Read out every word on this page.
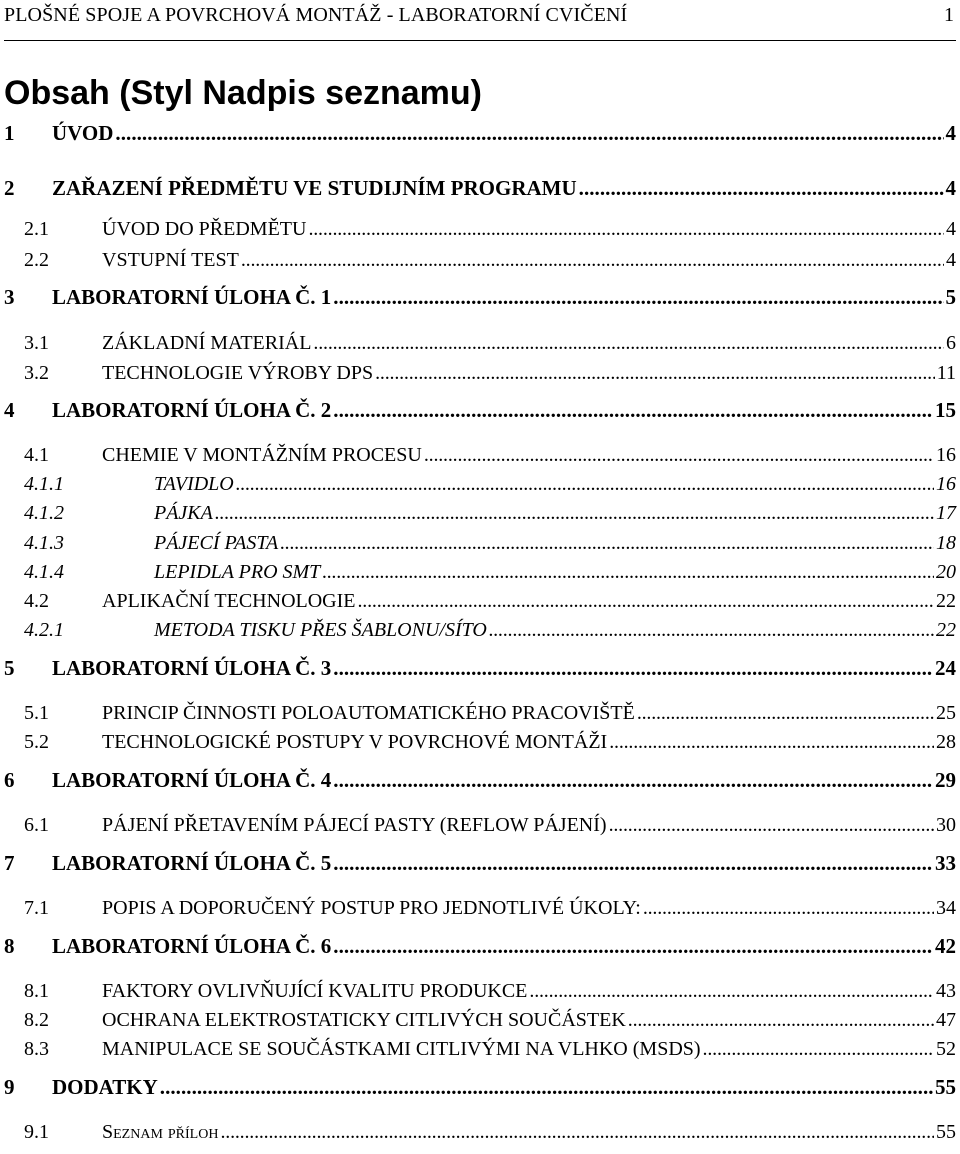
PLOŠNÉ SPOJE A POVRCHOVÁ MONTÁŽ - LABORATORNÍ CVIČENÍ	1
Obsah (Styl Nadpis seznamu)
1	ÚVOD . . .	4
2	ZAŘAZENÍ PŘEDMĚTU VE STUDIJNÍM PROGRAMU . . .	4
2.1	ÚVOD DO PŘEDMĚTU . . .	4
2.2	VSTUPNÍ TEST . . .	4
3	LABORATORNÍ ÚLOHA Č. 1 . . .	5
3.1	ZÁKLADNÍ MATERIÁL . . .	6
3.2	TECHNOLOGIE VÝROBY DPS . . .	11
4	LABORATORNÍ ÚLOHA Č. 2 . . .	15
4.1	CHEMIE V MONTÁŽNÍM PROCESU . . .	16
4.1.1	TAVIDLO . . .	16
4.1.2	PÁJKA . . .	17
4.1.3	PÁJECÍ PASTA . . .	18
4.1.4	LEPIDLA PRO SMT . . .	20
4.2	APLIKAČNÍ TECHNOLOGIE . . .	22
4.2.1	METODA TISKU PŘES ŠABLONU/SÍTO . . .	22
5	LABORATORNÍ ÚLOHA Č. 3 . . .	24
5.1	PRINCIP ČINNOSTI POLOAUTOMATICKÉHO PRACOVIŠTĚ . . .	25
5.2	TECHNOLOGICKÉ POSTUPY V POVRCHOVÉ MONTÁŽI . . .	28
6	LABORATORNÍ ÚLOHA Č. 4 . . .	29
6.1	PÁJENÍ PŘETAVENÍM PÁJECÍ PASTY (REFLOW PÁJENÍ) . . .	30
7	LABORATORNÍ ÚLOHA Č. 5 . . .	33
7.1	POPIS A DOPORUČENÝ POSTUP PRO JEDNOTLIVÉ ÚKOLY: . . .	34
8	LABORATORNÍ ÚLOHA Č. 6 . . .	42
8.1	FAKTORY OVLIVŇUJÍCÍ KVALITU PRODUKCE . . .	43
8.2	OCHRANA ELEKTROSTATICKY CITLIVÝCH SOUČÁSTEK . . .	47
8.3	MANIPULACE SE SOUČÁSTKAMI CITLIVÝMI NA VLHKO (MSDS) . . .	52
9	DODATKY . . .	55
9.1	Seznam příloh . . .	55
